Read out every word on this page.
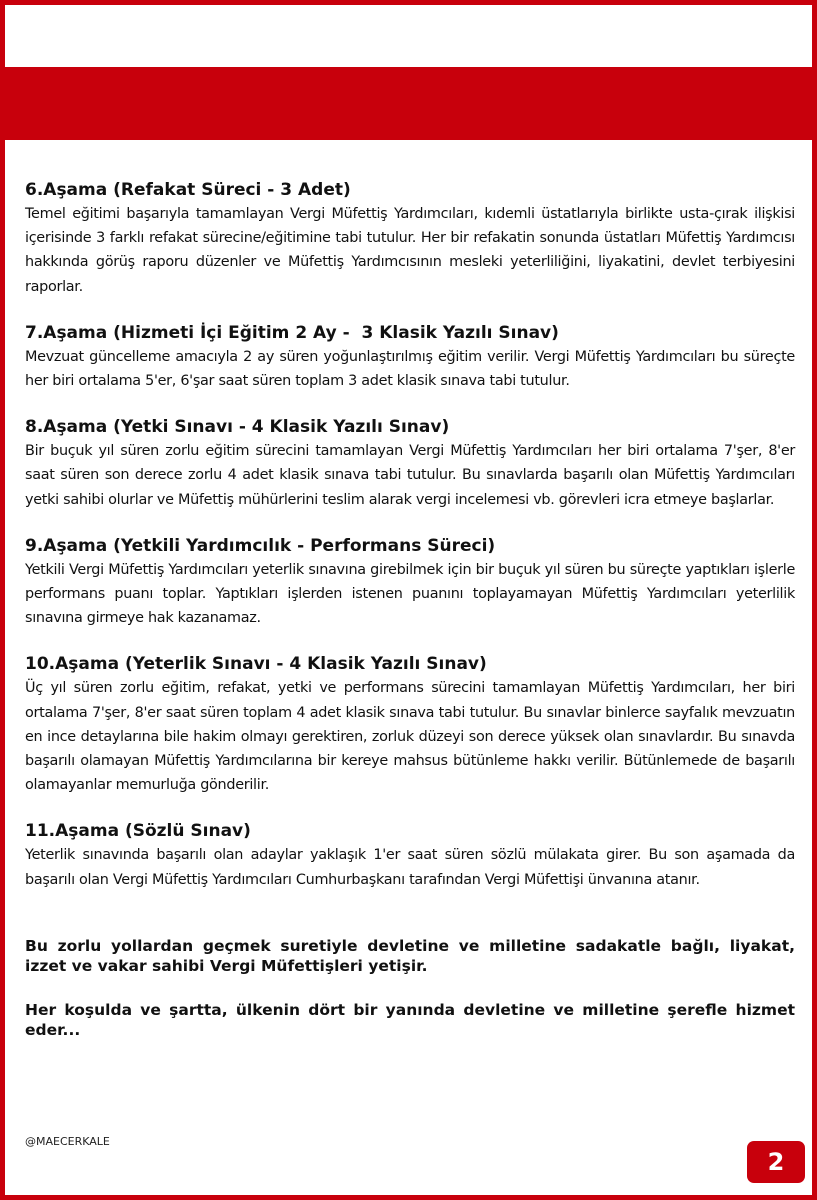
6.Aşama (Refakat Süreci - 3 Adet)
Temel eğitimi başarıyla tamamlayan Vergi Müfettiş Yardımcıları, kıdemli üstatlarıyla birlikte usta-çırak ilişkisi içerisinde 3 farklı refakat sürecine/eğitimine tabi tutulur. Her bir refakatin sonunda üstatları Müfettiş Yardımcısı hakkında görüş raporu düzenler ve Müfettiş Yardımcısının mesleki yeterliliğini, liyakatini, devlet terbiyesini raporlar.
7.Aşama (Hizmeti İçi Eğitim 2 Ay -  3 Klasik Yazılı Sınav)
Mevzuat güncelleme amacıyla 2 ay süren yoğunlaştırılmış eğitim verilir. Vergi Müfettiş Yardımcıları bu süreçte her biri ortalama 5'er, 6'şar saat süren toplam 3 adet klasik sınava tabi tutulur.
8.Aşama (Yetki Sınavı - 4 Klasik Yazılı Sınav)
Bir buçuk yıl süren zorlu eğitim sürecini tamamlayan Vergi Müfettiş Yardımcıları her biri ortalama 7'şer, 8'er saat süren son derece zorlu 4 adet klasik sınava tabi tutulur. Bu sınavlarda başarılı olan Müfettiş Yardımcıları yetki sahibi olurlar ve Müfettiş mühürlerini teslim alarak vergi incelemesi vb. görevleri icra etmeye başlarlar.
9.Aşama (Yetkili Yardımcılık - Performans Süreci)
Yetkili Vergi Müfettiş Yardımcıları yeterlik sınavına girebilmek için bir buçuk yıl süren bu süreçte yaptıkları işlerle performans puanı toplar. Yaptıkları işlerden istenen puanını toplayamayan Müfettiş Yardımcıları yeterlilik sınavına girmeye hak kazanamaz.
10.Aşama (Yeterlik Sınavı - 4 Klasik Yazılı Sınav)
Üç yıl süren zorlu eğitim, refakat, yetki ve performans sürecini tamamlayan Müfettiş Yardımcıları, her biri ortalama 7'şer, 8'er saat süren toplam 4 adet klasik sınava tabi tutulur. Bu sınavlar binlerce sayfalık mevzuatın en ince detaylarına bile hakim olmayı gerektiren, zorluk düzeyi son derece yüksek olan sınavlardır. Bu sınavda başarılı olamayan Müfettiş Yardımcılarına bir kereye mahsus bütünleme hakkı verilir. Bütünlemede de başarılı olamayanlar memurluğa gönderilir.
11.Aşama (Sözlü Sınav)
Yeterlik sınavında başarılı olan adaylar yaklaşık 1'er saat süren sözlü mülakata girer. Bu son aşamada da başarılı olan Vergi Müfettiş Yardımcıları Cumhurbaşkanı tarafından Vergi Müfettişi ünvanına atanır.

Bu zorlu yollardan geçmek suretiyle devletine ve milletine sadakatle bağlı, liyakat, izzet ve vakar sahibi Vergi Müfettişleri yetişir.

Her koşulda ve şartta, ülkenin dört bir yanında devletine ve milletine şerefle hizmet eder...

@MAECERKALE
2
